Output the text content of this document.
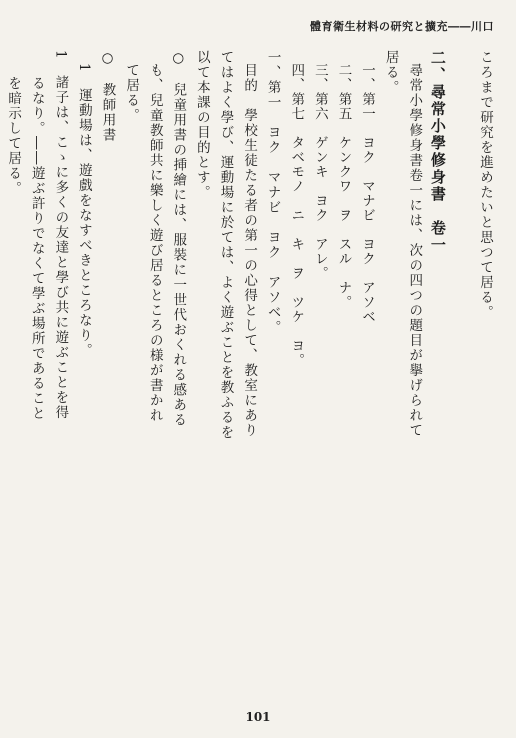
體育衛生材料の研究と擴充――川口
ころまで研究を進めたいと思つて居る。

二、尋常小學修身書　卷一
尋常小學修身書卷一には、次の四つの題目が擧げられて
居る。
一、第一　ヨク　マナビ　ヨク　アソベ
二、第五　ケンクワ　ヲ　スル　ナ。
三、第六　ゲンキ　ヨク　アレ。
四、第七　タベモノ　ニ　キ　ヲ　ツケ　ヨ。
一、第一　ヨク　マナビ　ヨク　アソベ。
目的　學校生徒たる者の第一の心得として、教室にあり
てはよく學び、運動場に於ては、よく遊ぶことを教ふるを
以て本課の目的とす。
○　兒童用書の挿繪には、服裝に一世代おくれる感ある
も、兒童教師共に樂しく遊び居るところの様が書かれ
て居る。
○　教師用書
1　運動場は、遊戲をなすべきところなり。
1　諸子は、こゝに多くの友達と學び共に遊ぶことを得
るなり。――遊ぶ許りでなくて學ぶ場所であること
を暗示して居る。
101
